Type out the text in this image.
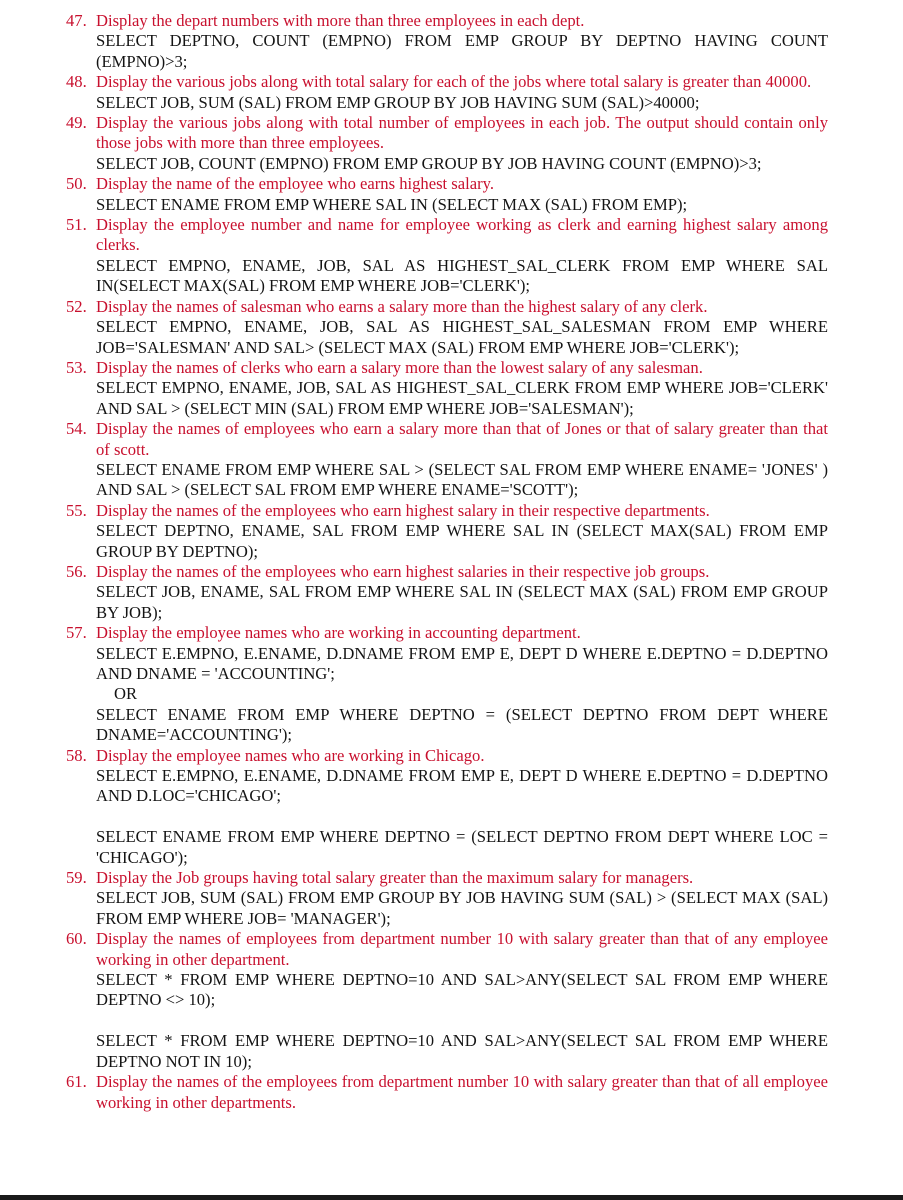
47. Display the depart numbers with more than three employees in each dept.
SELECT DEPTNO, COUNT (EMPNO) FROM EMP GROUP BY DEPTNO HAVING COUNT (EMPNO)>3;
48. Display the various jobs along with total salary for each of the jobs where total salary is greater than 40000.
SELECT JOB, SUM (SAL) FROM EMP GROUP BY JOB HAVING SUM (SAL)>40000;
49. Display the various jobs along with total number of employees in each job. The output should contain only those jobs with more than three employees.
SELECT JOB, COUNT (EMPNO) FROM EMP GROUP BY JOB HAVING COUNT (EMPNO)>3;
50. Display the name of the employee who earns highest salary.
SELECT ENAME FROM EMP WHERE SAL IN (SELECT MAX (SAL) FROM EMP);
51. Display the employee number and name for employee working as clerk and earning highest salary among clerks.
SELECT EMPNO, ENAME, JOB, SAL AS HIGHEST_SAL_CLERK FROM EMP WHERE SAL IN(SELECT MAX(SAL) FROM EMP WHERE JOB='CLERK');
52. Display the names of salesman who earns a salary more than the highest salary of any clerk.
SELECT EMPNO, ENAME, JOB, SAL AS HIGHEST_SAL_SALESMAN FROM EMP WHERE JOB='SALESMAN' AND SAL> (SELECT MAX (SAL) FROM EMP WHERE JOB='CLERK');
53. Display the names of clerks who earn a salary more than the lowest salary of any salesman.
SELECT EMPNO, ENAME, JOB, SAL AS HIGHEST_SAL_CLERK FROM EMP WHERE JOB='CLERK' AND SAL > (SELECT MIN (SAL) FROM EMP WHERE JOB='SALESMAN');
54. Display the names of employees who earn a salary more than that of Jones or that of salary greater than that of scott.
SELECT ENAME FROM EMP WHERE SAL > (SELECT SAL FROM EMP WHERE ENAME= 'JONES' ) AND SAL > (SELECT SAL FROM EMP WHERE ENAME='SCOTT');
55. Display the names of the employees who earn highest salary in their respective departments.
SELECT DEPTNO, ENAME, SAL FROM EMP WHERE SAL IN (SELECT MAX(SAL) FROM EMP GROUP BY DEPTNO);
56. Display the names of the employees who earn highest salaries in their respective job groups.
SELECT JOB, ENAME, SAL FROM EMP WHERE SAL IN (SELECT MAX (SAL) FROM EMP GROUP BY JOB);
57. Display the employee names who are working in accounting department.
SELECT E.EMPNO, E.ENAME, D.DNAME FROM EMP E, DEPT D WHERE E.DEPTNO = D.DEPTNO AND DNAME = 'ACCOUNTING';
OR
SELECT ENAME FROM EMP WHERE DEPTNO = (SELECT DEPTNO FROM DEPT WHERE DNAME='ACCOUNTING');
58. Display the employee names who are working in Chicago.
SELECT E.EMPNO, E.ENAME, D.DNAME FROM EMP E, DEPT D WHERE E.DEPTNO = D.DEPTNO AND D.LOC='CHICAGO';
SELECT ENAME FROM EMP WHERE DEPTNO = (SELECT DEPTNO FROM DEPT WHERE LOC = 'CHICAGO');
59. Display the Job groups having total salary greater than the maximum salary for managers.
SELECT JOB, SUM (SAL) FROM EMP GROUP BY JOB HAVING SUM (SAL) > (SELECT MAX (SAL) FROM EMP WHERE JOB= 'MANAGER');
60. Display the names of employees from department number 10 with salary greater than that of any employee working in other department.
SELECT * FROM EMP WHERE DEPTNO=10 AND SAL>ANY(SELECT SAL FROM EMP WHERE DEPTNO <> 10);
SELECT * FROM EMP WHERE DEPTNO=10 AND SAL>ANY(SELECT SAL FROM EMP WHERE DEPTNO NOT IN 10);
61. Display the names of the employees from department number 10 with salary greater than that of all employee working in other departments.
